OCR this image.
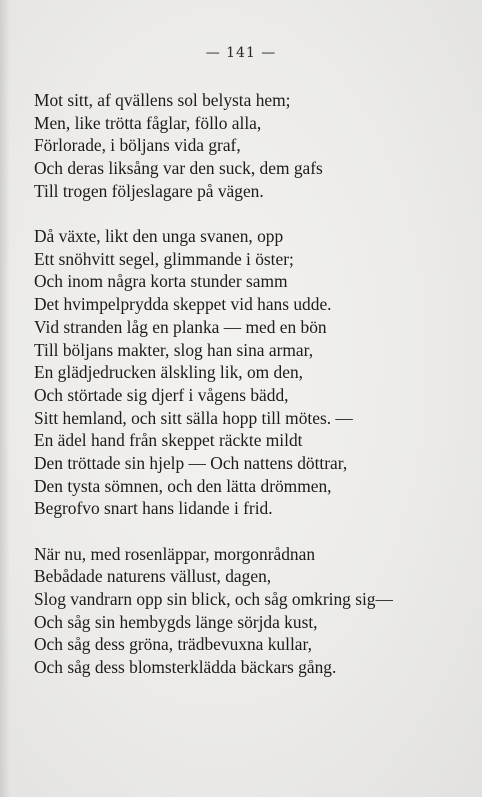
— 141 —
Mot sitt, af qvällens sol belysta hem;
Men, like trötta fåglar, föllo alla,
Förlorade, i böljans vida graf,
Och deras liksång var den suck, dem gafs
Till trogen följeslagare på vägen.
Då växte, likt den unga svanen, opp
Ett snöhvitt segel, glimmande i öster;
Och inom några korta stunder samm
Det hvimpelprydda skeppet vid hans udde.
Vid stranden låg en planka — med en bön
Till böljans makter, slog han sina armar,
En glädjedrucken älskling lik, om den,
Och störtade sig djerf i vågens bädd,
Sitt hemland, och sitt sälla hopp till mötes. —
En ädel hand från skeppet räckte mildt
Den tröttade sin hjelp — Och nattens döttrar,
Den tysta sömnen, och den lätta drömmen,
Begrofvo snart hans lidande i frid.
När nu, med rosenläppar, morgonrådnan
Bebådade naturens vällust, dagen,
Slog vandrarn opp sin blick, och såg omkring sig—
Och såg sin hembygds länge sörjda kust,
Och såg dess gröna, trädbevuxna kullar,
Och såg dess blomsterklädda bäckars gång.
